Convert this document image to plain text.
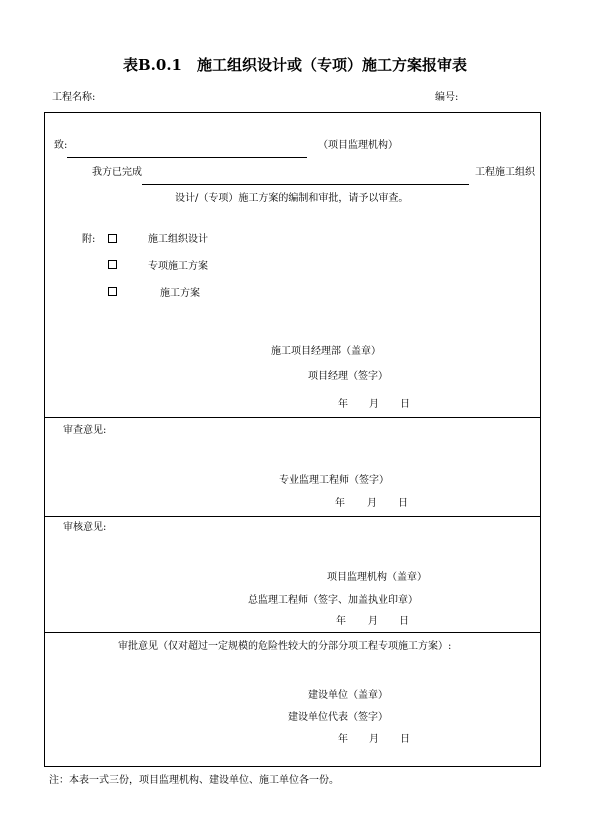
表B.0.1　施工组织设计或（专项）施工方案报审表
工程名称:	编号:
致:	（项目监理机构）
我方已完成	工程施工组织
设计/（专项）施工方案的编制和审批，请予以审查。
附:	施工组织设计
专项施工方案
施工方案
施工项目经理部（盖章）
项目经理（签字）
年 月 日
审查意见:
专业监理工程师（签字）
年 月 日
审核意见:
项目监理机构（盖章）
总监理工程师（签字、加盖执业印章）
年 月 日
审批意见（仅对超过一定规模的危险性较大的分部分项工程专项施工方案）:
建设单位（盖章）
建设单位代表（签字）
年 月 日
注：本表一式三份，项目监理机构、建设单位、施工单位各一份。
